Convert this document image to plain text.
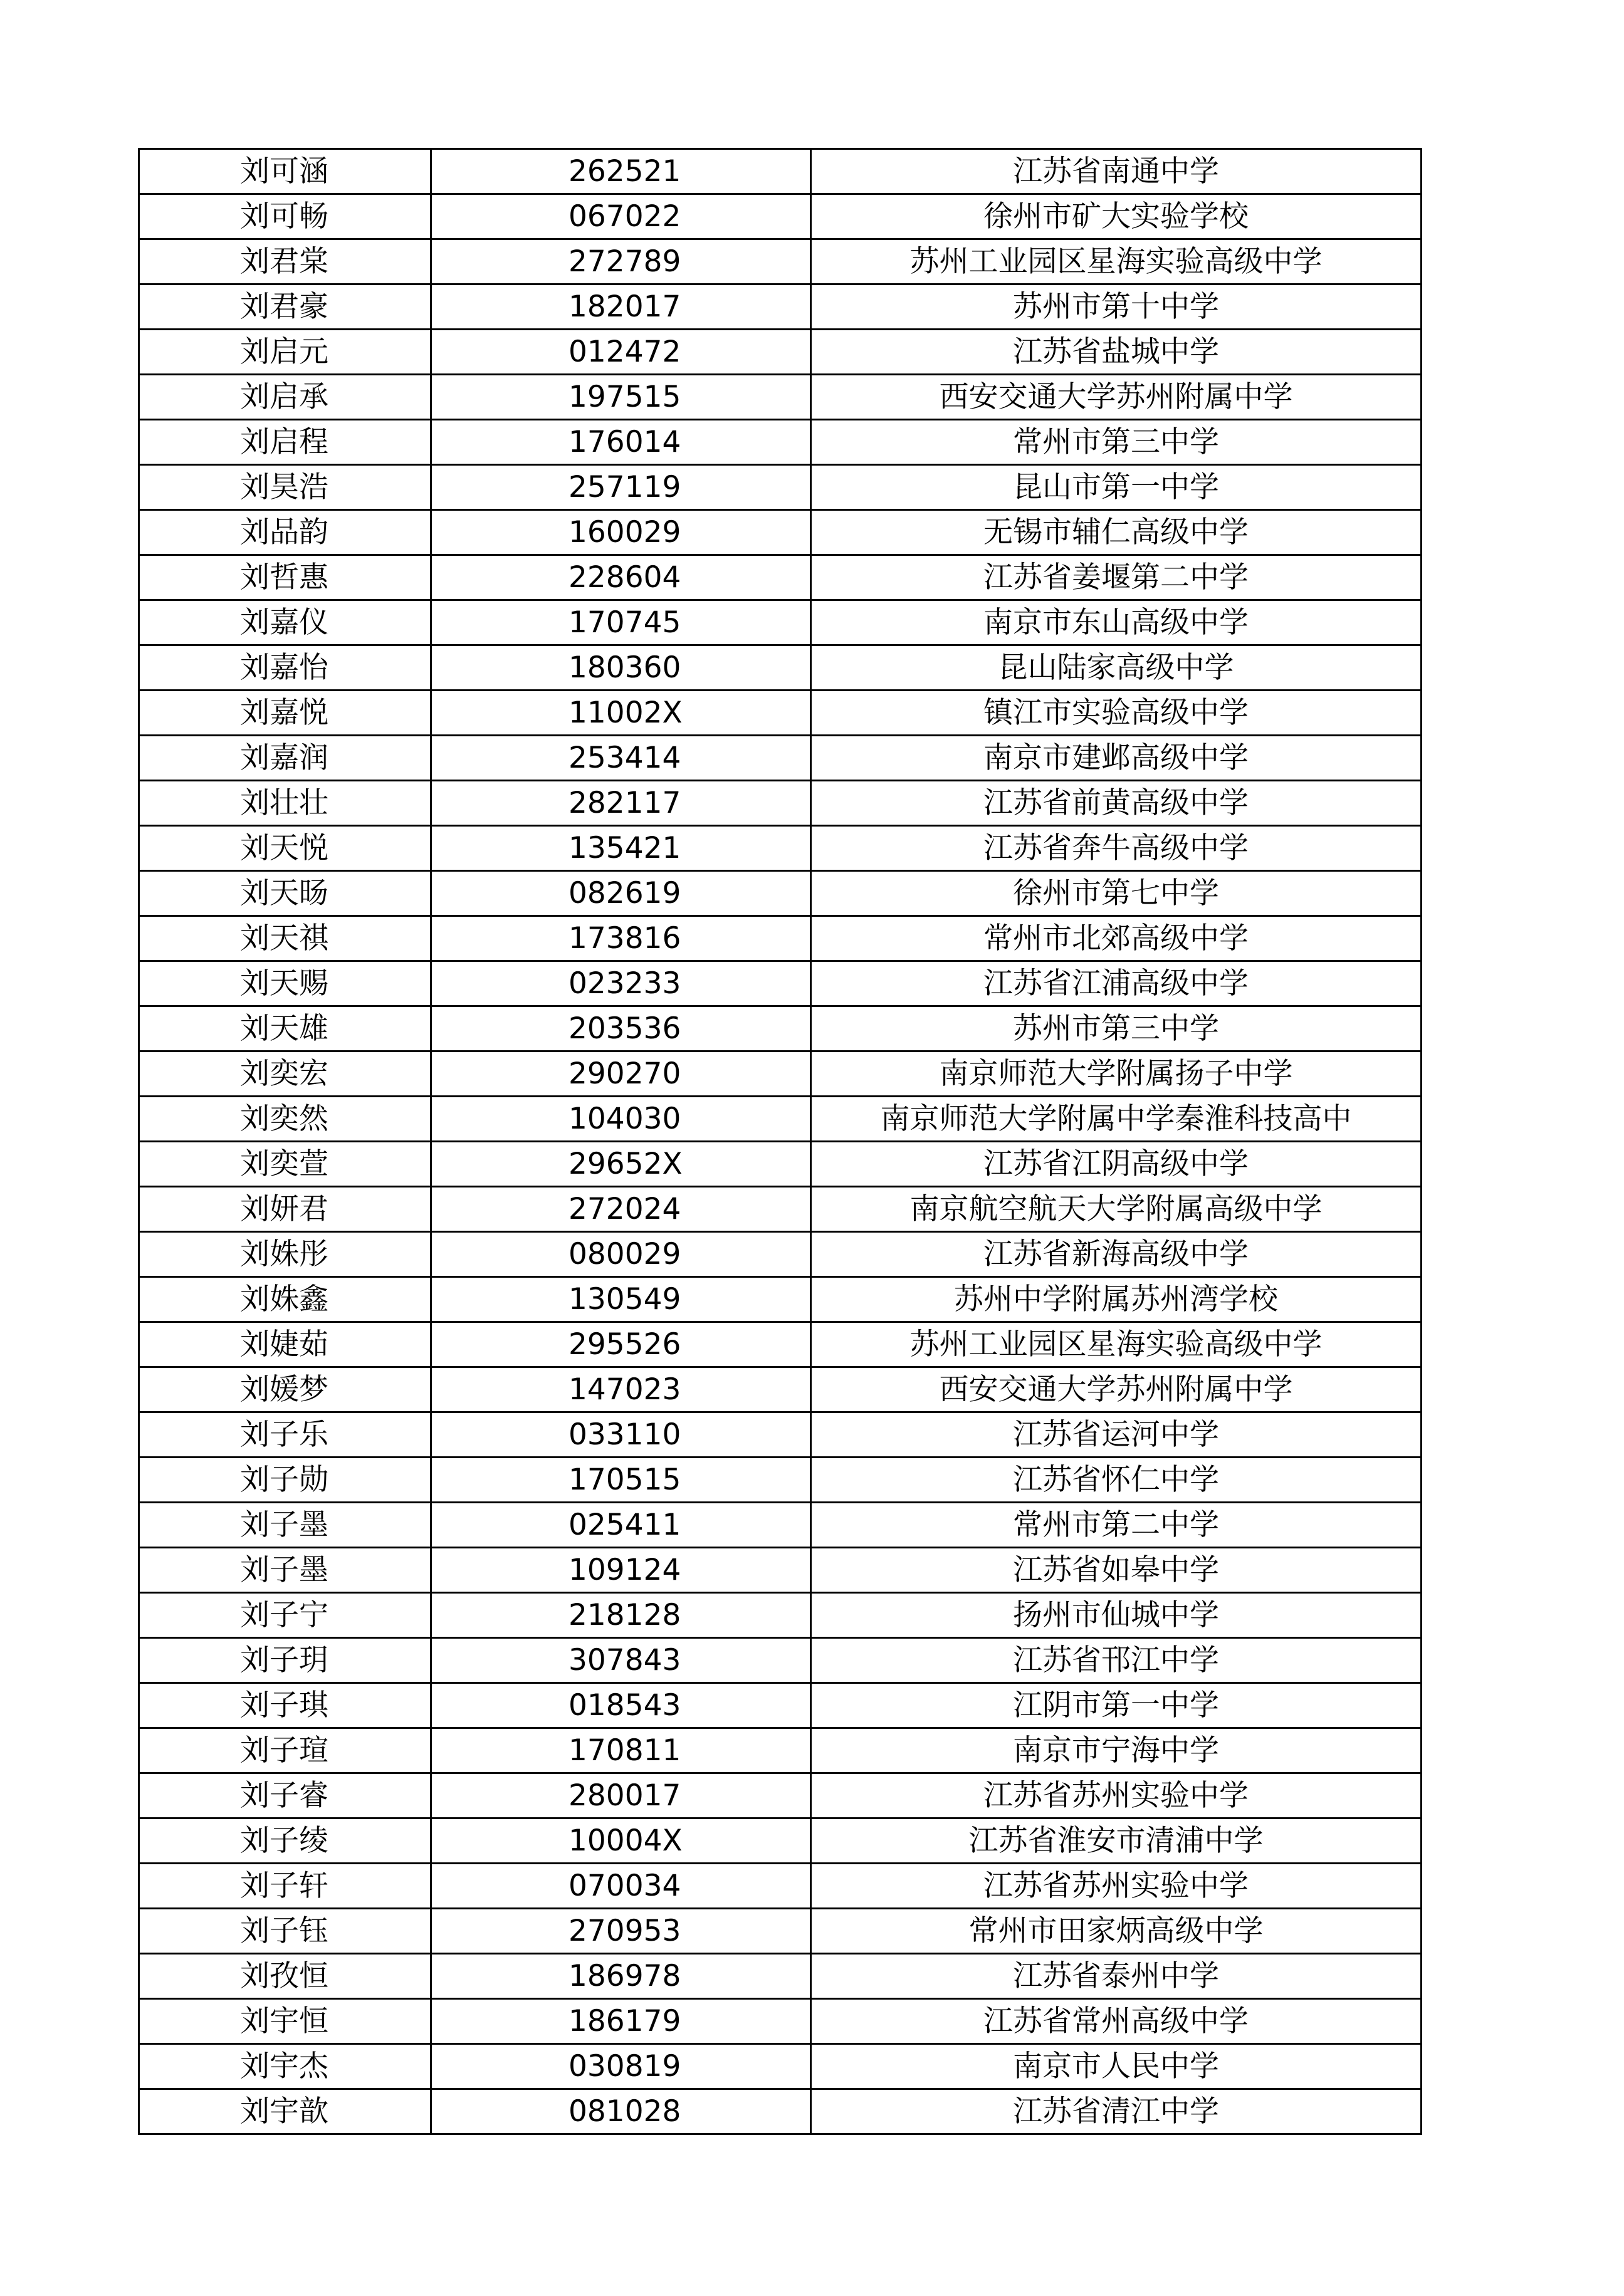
刘可涵	262521	江苏省南通中学
刘可畅	067022	徐州市矿大实验学校
刘君棠	272789	苏州工业园区星海实验高级中学
刘君豪	182017	苏州市第十中学
刘启元	012472	江苏省盐城中学
刘启承	197515	西安交通大学苏州附属中学
刘启程	176014	常州市第三中学
刘昊浩	257119	昆山市第一中学
刘品韵	160029	无锡市辅仁高级中学
刘哲惠	228604	江苏省姜堰第二中学
刘嘉仪	170745	南京市东山高级中学
刘嘉怡	180360	昆山陆家高级中学
刘嘉悦	11002X	镇江市实验高级中学
刘嘉润	253414	南京市建邺高级中学
刘壮壮	282117	江苏省前黄高级中学
刘天悦	135421	江苏省奔牛高级中学
刘天旸	082619	徐州市第七中学
刘天祺	173816	常州市北郊高级中学
刘天赐	023233	江苏省江浦高级中学
刘天雄	203536	苏州市第三中学
刘奕宏	290270	南京师范大学附属扬子中学
刘奕然	104030	南京师范大学附属中学秦淮科技高中
刘奕萱	29652X	江苏省江阴高级中学
刘妍君	272024	南京航空航天大学附属高级中学
刘姝彤	080029	江苏省新海高级中学
刘姝鑫	130549	苏州中学附属苏州湾学校
刘婕茹	295526	苏州工业园区星海实验高级中学
刘媛梦	147023	西安交通大学苏州附属中学
刘子乐	033110	江苏省运河中学
刘子勋	170515	江苏省怀仁中学
刘子墨	025411	常州市第二中学
刘子墨	109124	江苏省如皋中学
刘子宁	218128	扬州市仙城中学
刘子玥	307843	江苏省邗江中学
刘子琪	018543	江阴市第一中学
刘子瑄	170811	南京市宁海中学
刘子睿	280017	江苏省苏州实验中学
刘子绫	10004X	江苏省淮安市清浦中学
刘子轩	070034	江苏省苏州实验中学
刘子钰	270953	常州市田家炳高级中学
刘孜恒	186978	江苏省泰州中学
刘宇恒	186179	江苏省常州高级中学
刘宇杰	030819	南京市人民中学
刘宇歆	081028	江苏省清江中学
